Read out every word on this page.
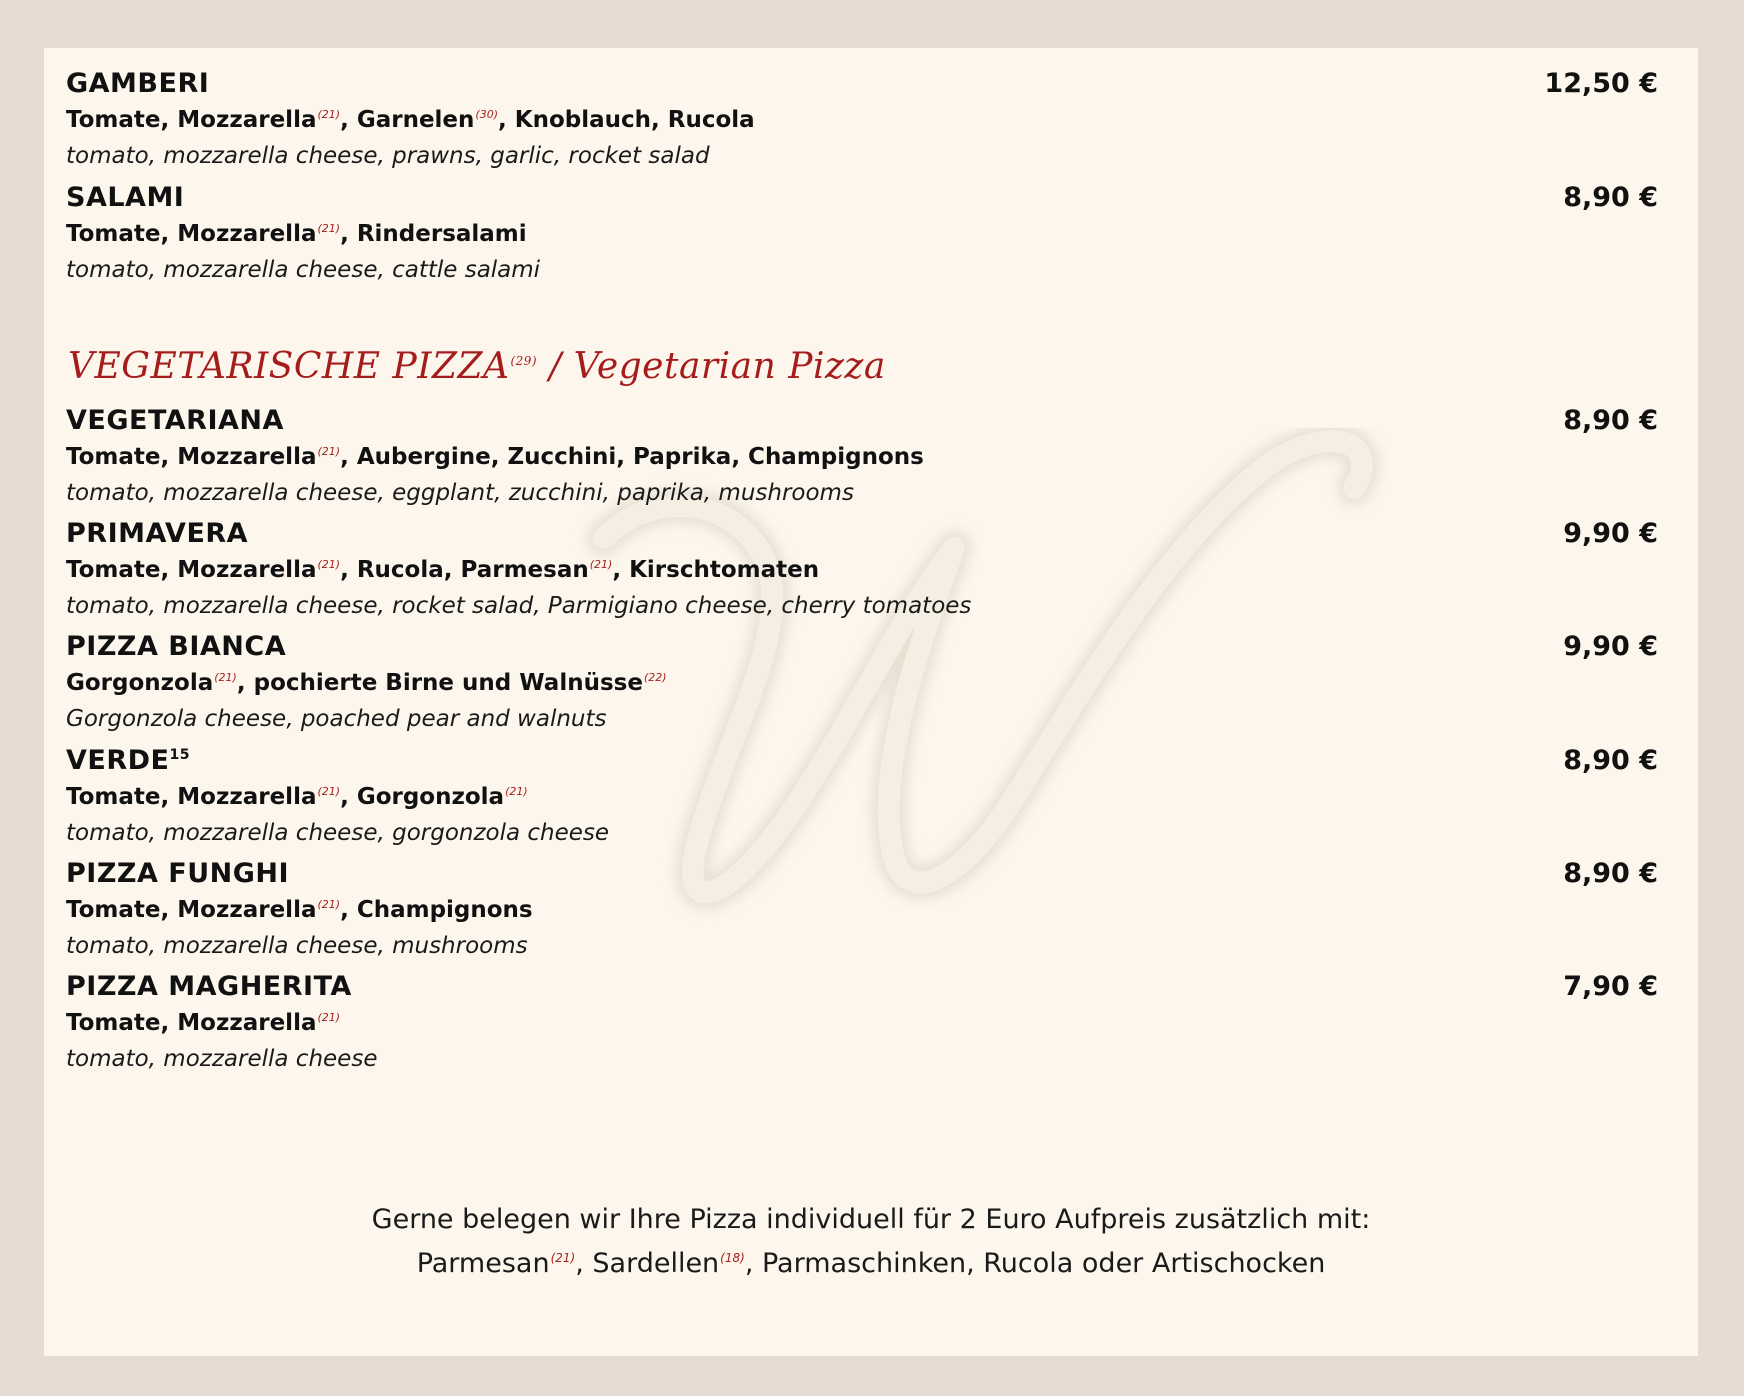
GAMBERI	12,50 €
Tomate, Mozzarella$^{(21)}$, Garnelen$^{(30)}$, Knoblauch, Rucola
tomato, mozzarella cheese, prawns, garlic, rocket salad
SALAMI	8,90 €
Tomate, Mozzarella$^{(21)}$, Rindersalami
tomato, mozzarella cheese, cattle salami
VEGETARIANA	8,90 €
Tomate, Mozzarella$^{(21)}$, Aubergine, Zucchini, Paprika, Champignons
tomato, mozzarella cheese, eggplant, zucchini, paprika, mushrooms
PRIMAVERA	9,90 €
Tomate, Mozzarella$^{(21)}$, Rucola, Parmesan$^{(21)}$, Kirschtomaten
tomato, mozzarella cheese, rocket salad, Parmigiano cheese, cherry tomatoes
PIZZA BIANCA	9,90 €
Gorgonzola$^{(21)}$, pochierte Birne und Walnüsse$^{(22)}$
Gorgonzola cheese, poached pear and walnuts
VERDE$^{15}$	8,90 €
Tomate, Mozzarella$^{(21)}$, Gorgonzola$^{(21)}$
tomato, mozzarella cheese, gorgonzola cheese
PIZZA FUNGHI	8,90 €
Tomate, Mozzarella$^{(21)}$, Champignons
tomato, mozzarella cheese, mushrooms
PIZZA MAGHERITA	7,90 €
Tomate, Mozzarella$^{(21)}$
tomato, mozzarella cheese
VEGETARISCHE PIZZA$^{(29)}$ / Vegetarian Pizza
Gerne belegen wir Ihre Pizza individuell für 2 Euro Aufpreis zusätzlich mit:
Parmesan$^{(21)}$, Sardellen$^{(18)}$, Parmaschinken, Rucola oder Artischocken
